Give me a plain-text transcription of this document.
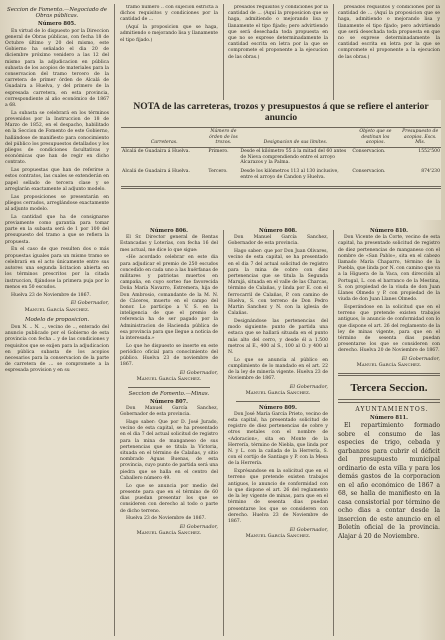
Seccion de Fomento.—Negociado de Obras públicas.

Número 805.

En virtud de lo dispuesto por la Direccion general de Obras públicas, con fecha 18 de Octubre último y 20 del mismo, este Gobierno ha señalado el dia 20 de diciembre próximo venidero a las 12 del mismo para la adjudicacion en pública subasta de los acopios de materiales para la conservacion del tramo tercero de la carretera de primer órden de Alcalá de Guadaira a Huelva, y del primero de la espresada carretera, en esta provincia, correspondiente al año económico de 1867 a 68.

La subasta se celebrará en los términos prevenidos por la Instruccion de 18 de Marzo de 1852, en el despacho, habilitado en la Seccion de Fomento de este Gobierno, hallándose de manifiesto para conocimiento del público los presupuestos detallados y los pliegos de condiciones facultativas y económicas que han de regir en dicho contrato.

Las propuestas que han de referirse a estos contratos, las cuales se extenderán en papel sellado de tercera clase y se arreglarán exactamente al adjunto modelo.

Las proposiciones se presentarán en pliegos cerrados, arreglándose exactamente al adjunto modelo.

La cantidad que ha de consignarse previamente como garantía para tomar parte en la subasta será de 1 por 100 del presupuesto del tramo a que se refiera la propuesta.

En el caso de que resulten dos o más propuestas iguales para un mismo tramo se celebrará en el acto únicamente entre sus autores una segunda licitacion abierta en los términos prescritos por la citada instruccion, fijándose la primera puja por lo menos en 50 escudos.

Huelva 23 de Noviembre de 1867.

El Gobernador,

Manuel García Sanchez.

Modelo de proposicion.

Don N. .. N. .., vecino de .., enterado del anuncio publicado por el Gobierno de esta provincia con fecha .. y de las condiciones y requisitos que se exijen para la adjudicacion en pública subasta de los acopios necesarios para la conservacion de la parte de carretera de ... se compromete a la espresada provision y en su

tramo número .. con sujecion estricta a dichos requisitos y condiciones por la cantidad de ...

(Aquí la proposicion que se haga, admitiendo o mejorando lisa y llanamente el tipo fijado.)

presados requisitos y condiciones por la cantidad de ... (Aquí la proposicion que se haga, admitiendo o mejorando lisa y llanamente el tipo fijado; pero advirtiendo que será desechada toda propuesta en que no se exprese determinadamente la cantidad escrita en letra por la que se compromete el proponente a la ejecucion de las obras.)

presados requisitos y condiciones por la cantidad de ... (Aquí la proposicion que se haga, admitiendo o mejorando lisa y llanamente el tipo fijado; pero advirtiendo que será desechada toda propuesta en que no se exprese determinadamente la cantidad escrita en letra por la que se compromete el proponente a la ejecucion de las obras.)

NOTA de las carreteras, trozos y presupuestos á que se refiere el anterior anuncio
Carreteras.	Número de órden de los trozos.	Designacion de sus límites.	Objeto que se destinan los acopios.	Presupuesto de acopios. Escs. Mls.
Alcalá de Guadaira á Huelva.	Primero.	Desde el kilómetro 55 á la mitad del 60 antes de Nieva comprendiendo entre el arroyo Alcarazos y la Palma.	Conservacion.	1552'500
Alcalá de Guadaira á Huelva.	Tercero.	Desde los kilómetros 113 al 130 inclusive, entre el arroyo de Candon y Huelva.	Conservacion.	874'230

Número 806.

El Sr. Director general de Rentas Estancadas y Loterías, con fecha 16 del mes actual, me dice lo que sigue:

«He acordado celebrar en este dia para adjudicar el premio de 250 escudos concedido en cada uno a las huérfanas de militares y patriotas muertos en campaña, en cuyo sorteo fue favorecida Doña María Navarro, Estremera, hija de Don Ambrosio, comandante de la M. N. de Cáceres, muerto en el campo del honor. Lo participo a V. S. en la inteligencia de que el premio de referencia ha de ser pagado por la Administracion de Hacienda pública de esa provincia para que llegue a noticia de la interesada.»

Lo que he dispuesto se inserte en este periódico oficial para conocimiento del público. Huelva 23 de noviembre de 1867.

El Gobernador,

Manuel García Sanchez.

Seccion de Fomento.—Minas.

Número 807.

Don Manuel García Sanchez, Gobernador de esta provincia.

Hago saber: Que por D. José Jurado, vecino de esta capital, se ha presentado en el dia 7 del actual solicitud de registro para la mina de manganeso de sus pertenencias que se titula la Victoria, situada en el término de Calañas, y sitio nombrado Aguas Buenas, de esta provincia, cuyo punto de partida será una piedra que se halla en el centro del Caballero número 49.

Lo que se anuncia por medio del presente para que en el término de 60 dias puedan presentar los que se consideren con derecho al todo o parte de dicho terreno.

Huelva 23 de Noviembre de 1867.

El Gobernador,

Manuel García Sanchez.

Número 808.

Don Manuel García Sanchez, Gobernador de esta provincia.

Hago saber: que por Don Juan Olivares, vecino de esta capital, se ha presentado en el dia 7 del actual solicitud de registro para la mina de cobre con diez pertenencias que se titula la Segunda Marujá, situada en el valle de las Charcas, término de Calañas, y linda por E. con el ferrocarril de Calañas, P. con camino de Huelva, S. con terreno de Don Pedro Martin Sanchez y N. con la iglesia de Calañas.

Designándose las pertenencias del modo siguiente: punto de partida una estaca que se hallará situada en el punto más alto del cerro, y desde él a 1.500 metros al E., 400 al S., 100 al O. y 400 al N.

Lo que se anuncia al público en cumplimiento de lo mandado en el art. 22 de la ley de minería vigente. Huelva 23 de Noviembre de 1867.

El Gobernador,

Manuel García Sanchez.

Número 809.

Don José María García Prieto, vecino de esta capital, ha presentado solicitud de registro de diez pertenencias de cobre y otros metales con el nombre de «Adoracion», sita en Monte de la Herrería, término de Niebla, que linda por N. y L. con la cañada de la Herrería, S. con el cortijo de Santiago y P. con la Mesa de la Herrería.

Exprésandose en la solicitud que en el terreno que pretende existen trabajos antiguos, lo anuncio de conformidad con lo que dispone el art. 26 del reglamento de la ley vigente de minas, para que en el término de sesenta dias puedan presentarse los que se consideren con derecho. Huelva 23 de Noviembre de 1867.

El Gobernador,

Manuel García Sanchez.

Número 810.

Don Vicente de la Corte, vecino de esta capital, ha presentado solicitud de registro de diez pertenencias de manganeso con el nombre de «San Pablo», sita en el cabezo llamado María Chaparro, término de la Puebla, que linda por N. con camino que va a la Higuera de la Vaca, con dirección al Portugal, L. con el barranco de la Mestina, S. con propiedad de la viuda de don Juan Llanes Olmedo y P. con propiedad de la viuda de don Juan Llanes Olmedo.

Esperándose en la solicitud que en el terreno que pretende existen trabajos antiguos, lo anuncio de conformidad con lo que dispone el art. 26 del reglamento de la ley de minas vigente, para que en el término de sesenta dias puedan presentarse los que se consideren con derecho. Huelva 20 de Noviembre de 1867.

El Gobernador,

Manuel García Sanchez.

Tercera Seccion.

AYUNTAMIENTOS.

Número 811.

El repartimiento formado sobre el consumo de las especies de trigo, cebada y garbanzos para cubrir el déficit del presupuesto municipal ordinario de esta villa y para los demás gastos de la corporacion en el año económico de 1867 a 68, se halla de manifiesto en la casa consistorial por término de ocho dias a contar desde la insercion de este anuncio en el Boletín oficial de la provincia. Alajar á 20 de Noviembre.
